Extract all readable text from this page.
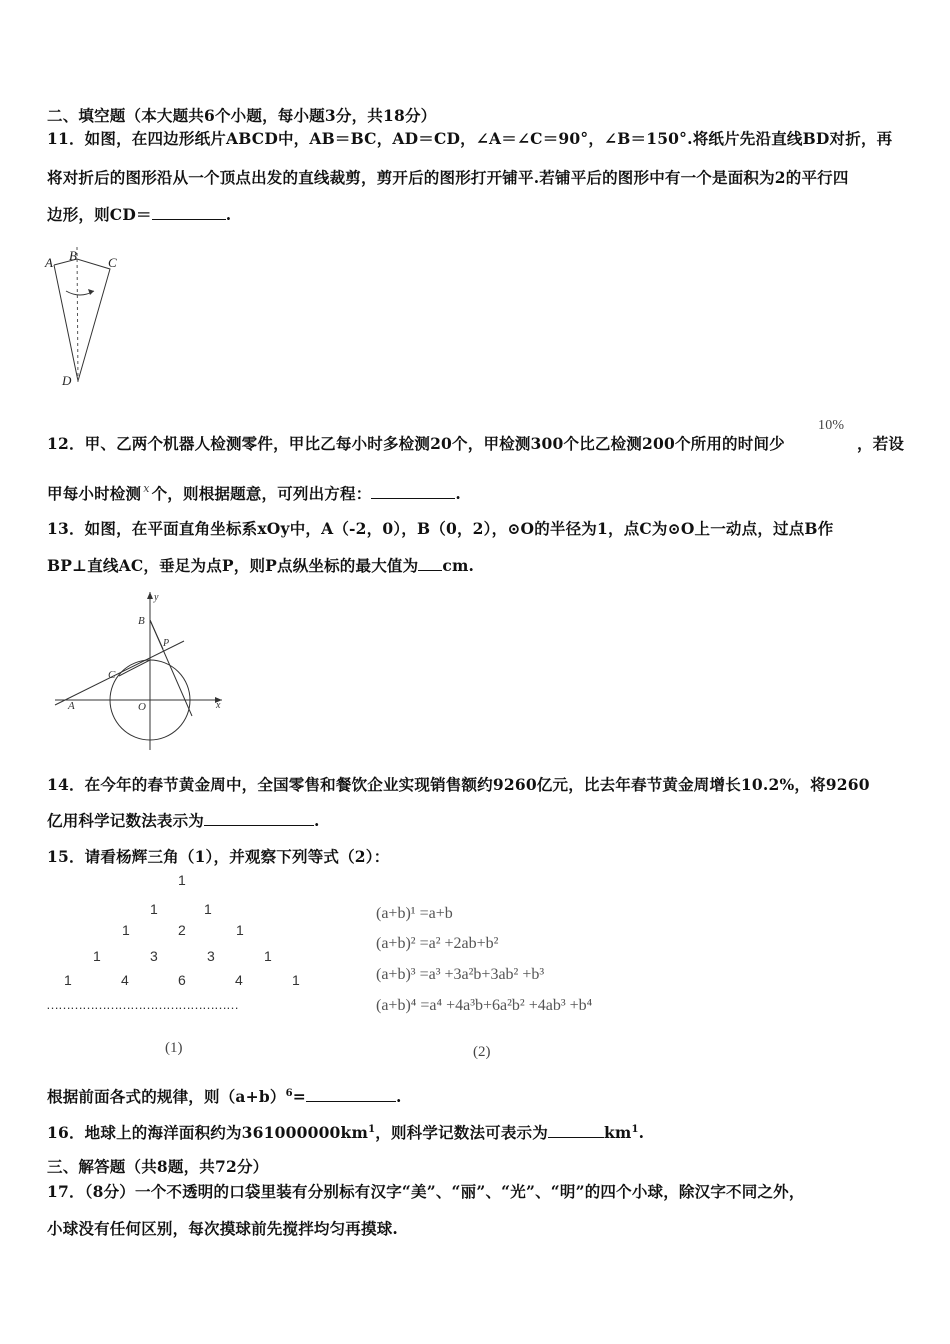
二、填空题（本大题共6个小题，每小题3分，共18分）
11．如图，在四边形纸片ABCD中，AB＝BC，AD＝CD，∠A＝∠C＝90°，∠B＝150°.将纸片先沿直线BD对折，再
将对折后的图形沿从一个顶点出发的直线裁剪，剪开后的图形打开铺平.若铺平后的图形中有一个是面积为2的平行四
边形，则CD＝	.
A B C
D
12．甲、乙两个机器人检测零件，甲比乙每小时多检测20个，甲检测300个比乙检测200个所用的时间少
10%
，若设
甲每小时检测 $^x$ 个，则根据题意，可列出方程：	.
13．如图，在平面直角坐标系xOy中，A（-2，0），B（0，2），⊙O的半径为1，点C为⊙O上一动点，过点B作
BP⊥直线AC，垂足为点P，则P点纵坐标的最大值为 cm.
y
x
B
P
C
A	O
14．在今年的春节黄金周中，全国零售和餐饮企业实现销售额约9260亿元，比去年春节黄金周增长10.2%，将9260
亿用科学记数法表示为	.
15．请看杨辉三角（1），并观察下列等式（2）：
1
1	1
1	2	1
1	3	3	1
1	4	6	4	1
…………………………………………
(1)
(a+b)¹ =a+b
(a+b)² =a² +2ab+b²
(a+b)³ =a³ +3a²b+3ab² +b³
(a+b)⁴ =a⁴ +4a³b+6a²b² +4ab³ +b⁴
(2)
根据前面各式的规律，则$(a+b)^6=$	.
16．地球上的海洋面积约为$361000000km^1$，则科学记数法可表示为	$km^1$.
三、解答题（共8题，共72分）
17．（8分）一个不透明的口袋里装有分别标有汉字“美”、“丽”、“光”、“明”的四个小球，除汉字不同之外，
小球没有任何区别，每次摸球前先搅拌均匀再摸球.
